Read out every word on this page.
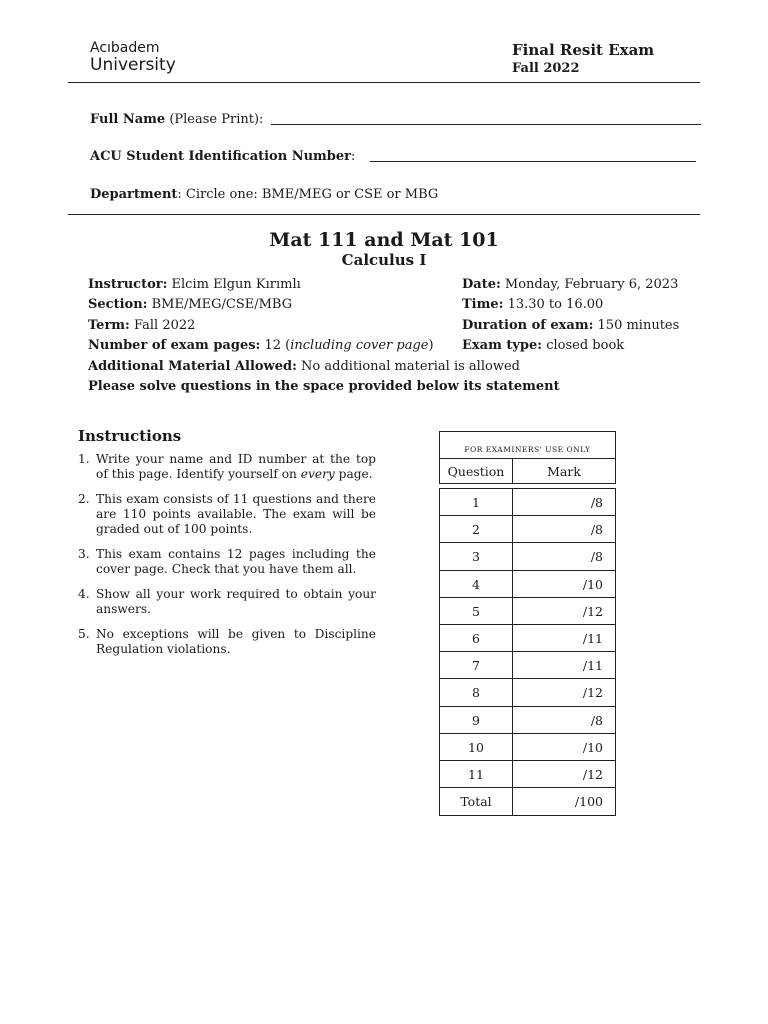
Acıbadem
University
Final Resit Exam
Fall 2022
Full Name (Please Print):
ACU Student Identification Number:
Department: Circle one: BME/MEG or CSE or MBG
Mat 111 and Mat 101
Calculus I
Instructor: Elcim Elgun Kırımlı
Section: BME/MEG/CSE/MBG
Term: Fall 2022
Number of exam pages: 12 (including cover page)
Additional Material Allowed: No additional material is allowed
Please solve questions in the space provided below its statement
Date: Monday, February 6, 2023
Time: 13.30 to 16.00
Duration of exam: 150 minutes
Exam type: closed book
Instructions
1. Write your name and ID number at the top of this page. Identify yourself on every page.
2. This exam consists of 11 questions and there are 110 points available. The exam will be graded out of 100 points.
3. This exam contains 12 pages including the cover page. Check that you have them all.
4. Show all your work required to obtain your answers.
5. No exceptions will be given to Discipline Regulation violations.
FOR EXAMINERS' USE ONLY
Question	Mark
1	/8
2	/8
3	/8
4	/10
5	/12
6	/11
7	/11
8	/12
9	/8
10	/10
11	/12
Total	/100
